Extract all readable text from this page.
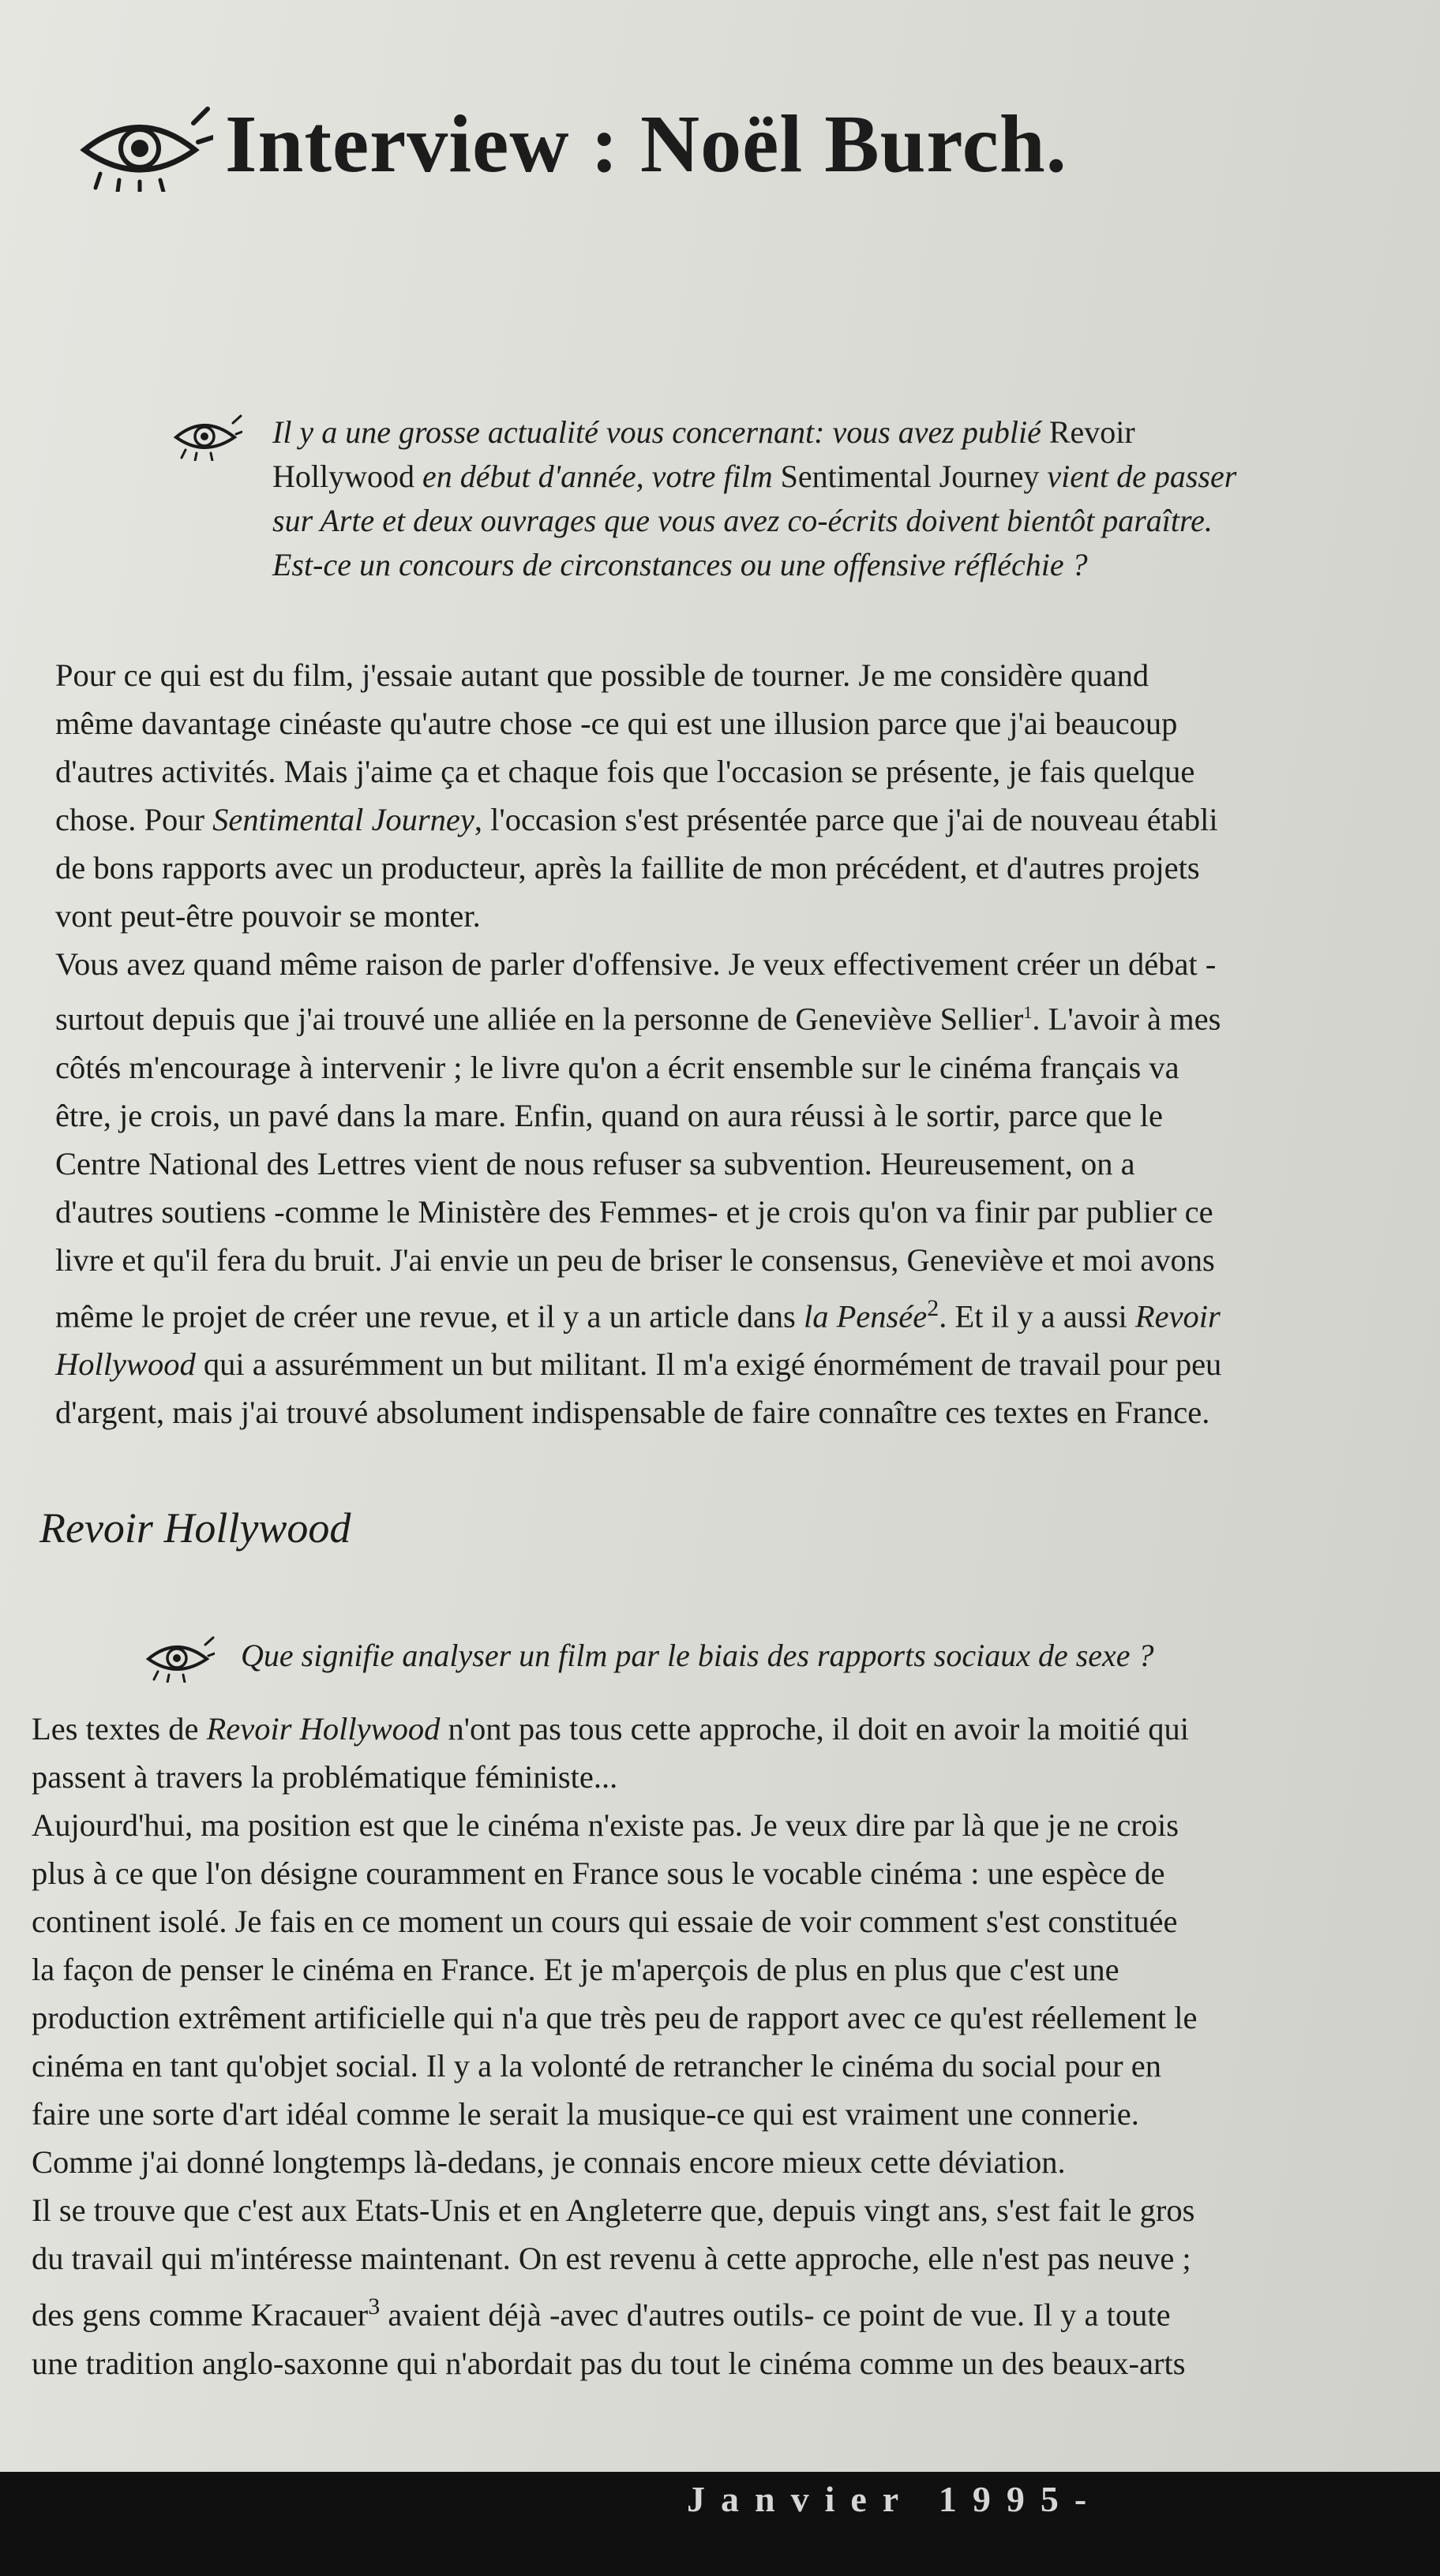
Interview : Noël Burch.

Il y a une grosse actualité vous concernant: vous avez publié Revoir

Hollywood en début d'année, votre film Sentimental Journey vient de passer

sur Arte et deux ouvrages que vous avez co-écrits doivent bientôt paraître.

Est-ce un concours de circonstances ou une offensive réfléchie ?

Pour ce qui est du film, j'essaie autant que possible de tourner. Je me considère quand

même davantage cinéaste qu'autre chose -ce qui est une illusion parce que j'ai beaucoup

d'autres activités. Mais j'aime ça et chaque fois que l'occasion se présente, je fais quelque

chose. Pour Sentimental Journey, l'occasion s'est présentée parce que j'ai de nouveau établi

de bons rapports avec un producteur, après la faillite de mon précédent, et d'autres projets

vont peut-être pouvoir se monter.

Vous avez quand même raison de parler d'offensive. Je veux effectivement créer un débat -

surtout depuis que j'ai trouvé une alliée en la personne de Geneviève Sellier$^1$. L'avoir à mes

côtés m'encourage à intervenir ; le livre qu'on a écrit ensemble sur le cinéma français va

être, je crois, un pavé dans la mare. Enfin, quand on aura réussi à le sortir, parce que le

Centre National des Lettres vient de nous refuser sa subvention. Heureusement, on a

d'autres soutiens -comme le Ministère des Femmes- et je crois qu'on va finir par publier ce

livre et qu'il fera du bruit. J'ai envie un peu de briser le consensus, Geneviève et moi avons

même le projet de créer une revue, et il y a un article dans la Pensée$^2$. Et il y a aussi Revoir

Hollywood qui a assurémment un but militant. Il m'a exigé énormément de travail pour peu

d'argent, mais j'ai trouvé absolument indispensable de faire connaître ces textes en France.

Revoir Hollywood

Que signifie analyser un film par le biais des rapports sociaux de sexe ?

Les textes de Revoir Hollywood n'ont pas tous cette approche, il doit en avoir la moitié qui

passent à travers la problématique féministe...

Aujourd'hui, ma position est que le cinéma n'existe pas. Je veux dire par là que je ne crois

plus à ce que l'on désigne couramment en France sous le vocable cinéma : une espèce de

continent isolé. Je fais en ce moment un cours qui essaie de voir comment s'est constituée

la façon de penser le cinéma en France. Et je m'aperçois de plus en plus que c'est une

production extrêment artificielle qui n'a que très peu de rapport avec ce qu'est réellement le

cinéma en tant qu'objet social. Il y a la volonté de retrancher le cinéma du social pour en

faire une sorte d'art idéal comme le serait la musique-ce qui est vraiment une connerie.

Comme j'ai donné longtemps là-dedans, je connais encore mieux cette déviation.

Il se trouve que c'est aux Etats-Unis et en Angleterre que, depuis vingt ans, s'est fait le gros

du travail qui m'intéresse maintenant. On est revenu à cette approche, elle n'est pas neuve ;

des gens comme Kracauer$^3$ avaient déjà -avec d'autres outils- ce point de vue. Il y a toute

une tradition anglo-saxonne qui n'abordait pas du tout le cinéma comme un des beaux-arts

Janvier 1995-
